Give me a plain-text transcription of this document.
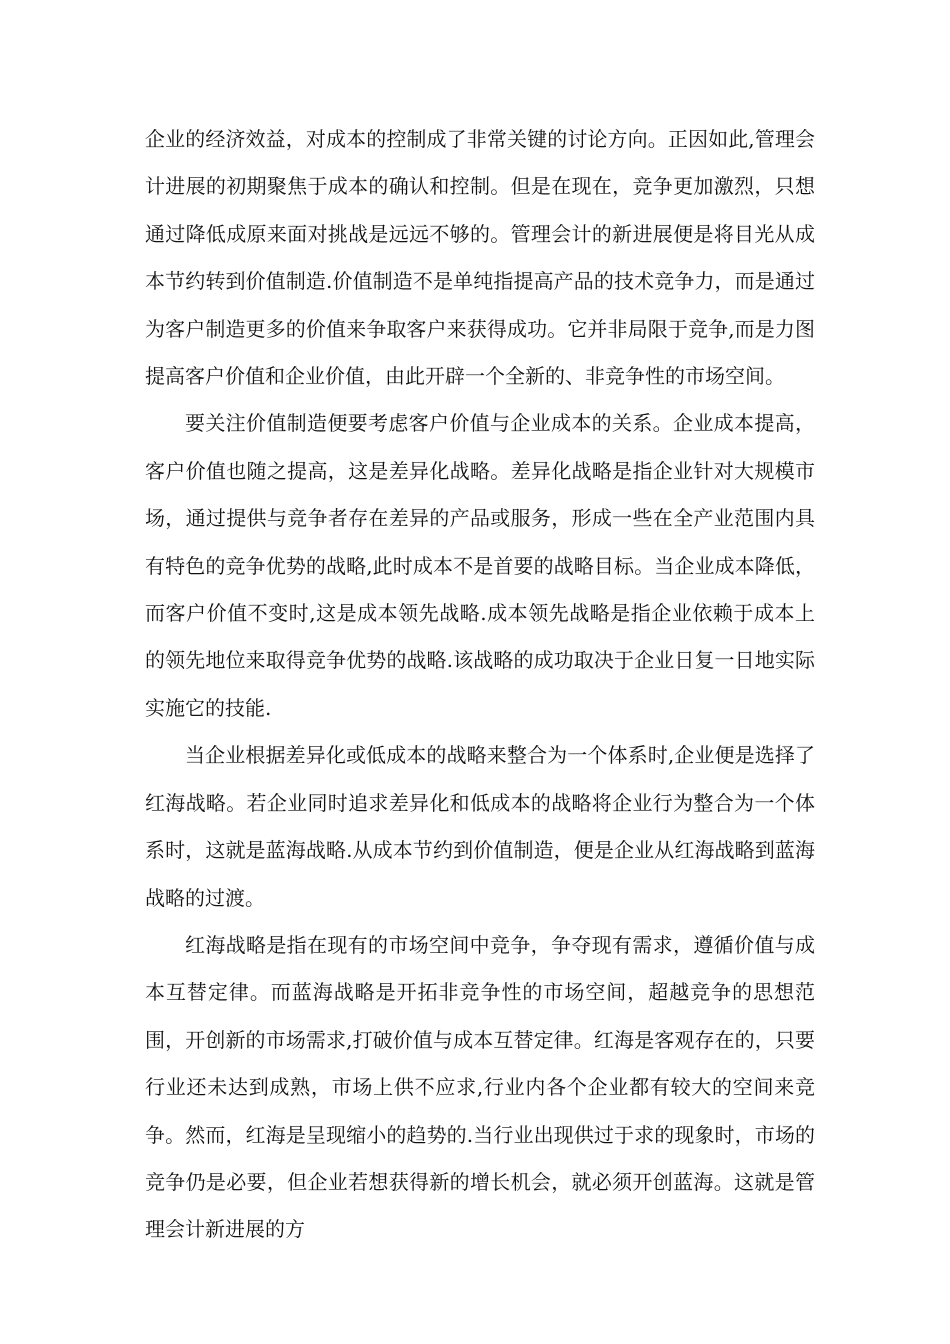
企业的经济效益，对成本的控制成了非常关键的讨论方向。正因如此,管理会计进展的初期聚焦于成本的确认和控制。但是在现在，竞争更加激烈，只想通过降低成原来面对挑战是远远不够的。管理会计的新进展便是将目光从成本节约转到价值制造.价值制造不是单纯指提高产品的技术竞争力，而是通过为客户制造更多的价值来争取客户来获得成功。它并非局限于竞争,而是力图提高客户价值和企业价值，由此开辟一个全新的、非竞争性的市场空间。

要关注价值制造便要考虑客户价值与企业成本的关系。企业成本提高，客户价值也随之提高，这是差异化战略。差异化战略是指企业针对大规模市场，通过提供与竞争者存在差异的产品或服务，形成一些在全产业范围内具有特色的竞争优势的战略,此时成本不是首要的战略目标。当企业成本降低，而客户价值不变时,这是成本领先战略.成本领先战略是指企业依赖于成本上的领先地位来取得竞争优势的战略.该战略的成功取决于企业日复一日地实际实施它的技能.

当企业根据差异化或低成本的战略来整合为一个体系时,企业便是选择了红海战略。若企业同时追求差异化和低成本的战略将企业行为整合为一个体系时，这就是蓝海战略.从成本节约到价值制造，便是企业从红海战略到蓝海战略的过渡。

红海战略是指在现有的市场空间中竞争，争夺现有需求，遵循价值与成本互替定律。而蓝海战略是开拓非竞争性的市场空间，超越竞争的思想范围，开创新的市场需求,打破价值与成本互替定律。红海是客观存在的，只要行业还未达到成熟，市场上供不应求,行业内各个企业都有较大的空间来竞争。然而，红海是呈现缩小的趋势的.当行业出现供过于求的现象时，市场的竞争仍是必要，但企业若想获得新的增长机会，就必须开创蓝海。这就是管理会计新进展的方
